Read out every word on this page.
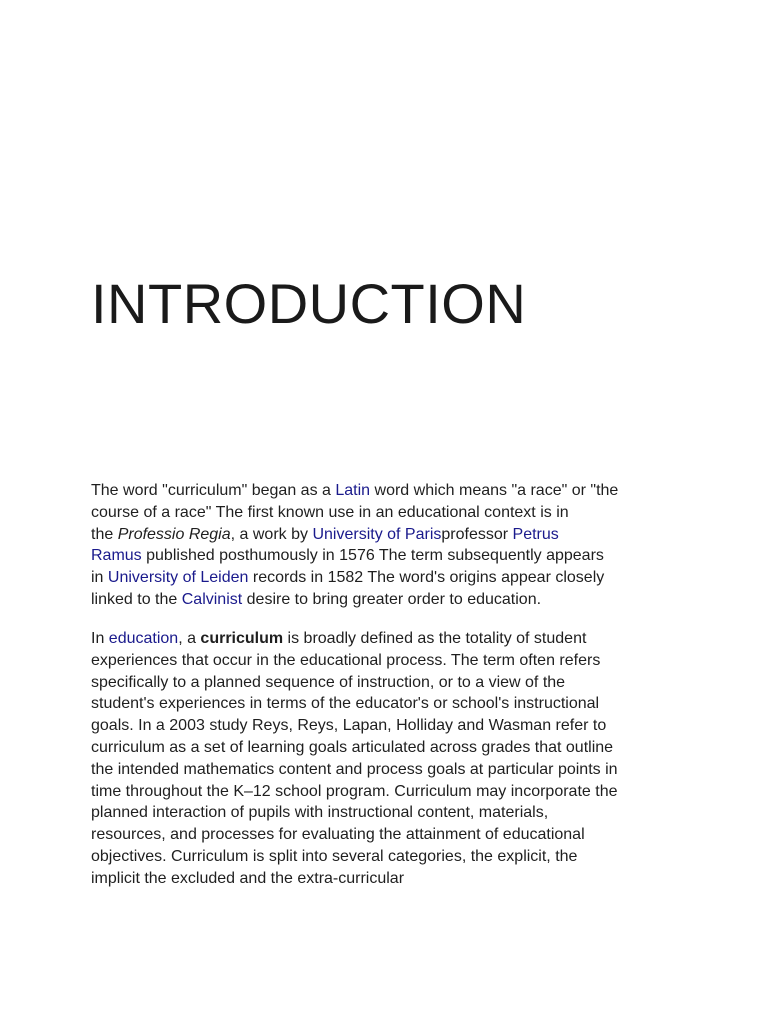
INTRODUCTION

The word "curriculum" began as a Latin word which means "a race" or "the
course of a race" The first known use in an educational context is in
the Professio Regia, a work by University of Parisprofessor Petrus
Ramus published posthumously in 1576 The term subsequently appears
in University of Leiden records in 1582 The word's origins appear closely
linked to the Calvinist desire to bring greater order to education.

In education, a curriculum is broadly defined as the totality of student
experiences that occur in the educational process. The term often refers
specifically to a planned sequence of instruction, or to a view of the
student's experiences in terms of the educator's or school's instructional
goals. In a 2003 study Reys, Reys, Lapan, Holliday and Wasman refer to
curriculum as a set of learning goals articulated across grades that outline
the intended mathematics content and process goals at particular points in
time throughout the K–12 school program. Curriculum may incorporate the
planned interaction of pupils with instructional content, materials,
resources, and processes for evaluating the attainment of educational
objectives. Curriculum is split into several categories, the explicit, the
implicit the excluded and the extra-curricular
